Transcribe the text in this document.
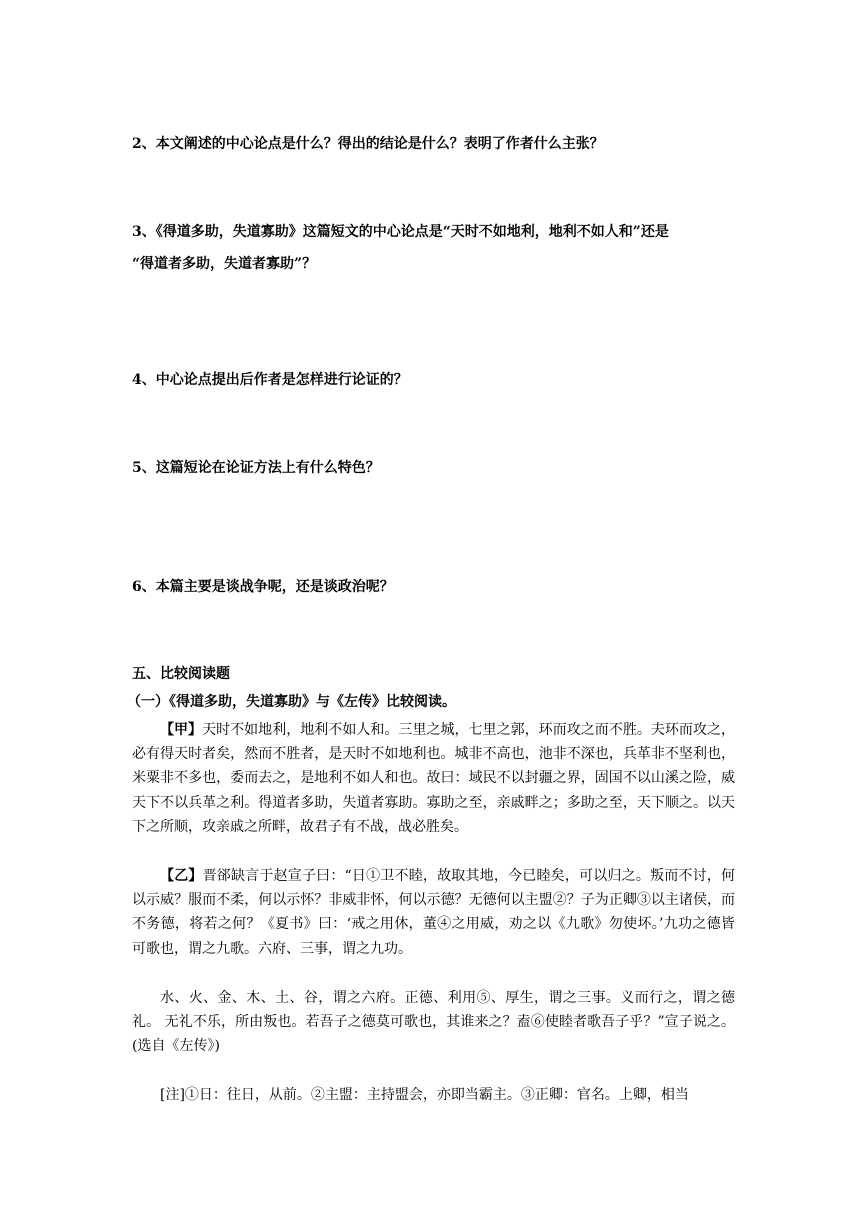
2、本文阐述的中心论点是什么？得出的结论是什么？表明了作者什么主张？
3、《得道多助，失道寡助》这篇短文的中心论点是“天时不如地利，地利不如人和”还是
“得道者多助，失道者寡助”？
4、中心论点提出后作者是怎样进行论证的？
5、这篇短论在论证方法上有什么特色？
6、本篇主要是谈战争呢，还是谈政治呢？
五、比较阅读题
（一）《得道多助，失道寡助》与《左传》比较阅读。

【甲】天时不如地利，地利不如人和。三里之城，七里之郭，环而攻之而不胜。夫环而攻之，必有得天时者矣，然而不胜者，是天时不如地利也。城非不高也，池非不深也，兵革非不坚利也，米粟非不多也，委而去之，是地利不如人和也。故曰：域民不以封疆之界，固国不以山溪之险，威天下不以兵革之利。得道者多助，失道者寡助。寡助之至，亲戚畔之；多助之至，天下顺之。以天下之所顺，攻亲戚之所畔，故君子有不战，战必胜矣。

【乙】晋郤缺言于赵宣子曰：“日①卫不睦，故取其地，今已睦矣，可以归之。叛而不讨，何以示威？服而不柔，何以示怀？非威非怀，何以示德？无德何以主盟②？子为正卿③以主诸侯，而不务德，将若之何？《夏书》曰：‘戒之用休，董④之用威，劝之以《九歌》勿使坏。’九功之德皆可歌也，谓之九歌。六府、三事，谓之九功。

水、火、金、木、土、谷，谓之六府。正德、利用⑤、厚生，谓之三事。义而行之，谓之德礼。 无礼不乐，所由叛也。若吾子之德莫可歌也，其谁来之？盍⑥使睦者歌吾子乎？”宣子说之。(选自《左传》)

[注]①日：往日，从前。②主盟：主持盟会，亦即当霸主。③正卿：官名。上卿，相当
